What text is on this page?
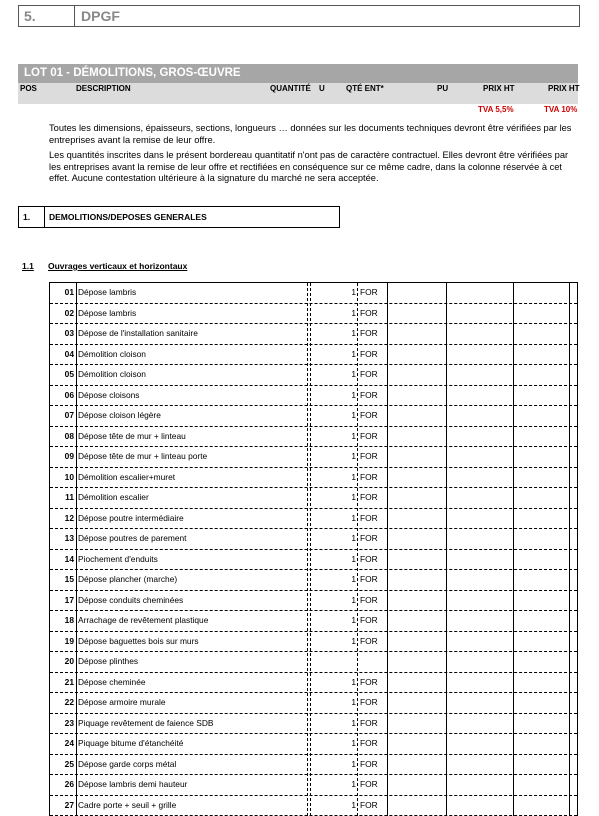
5.	DPGF
LOT 01 - DÉMOLITIONS, GROS-ŒUVRE
POS	DESCRIPTION	QUANTITÉ U	QTÉ ENT*	PU	PRIX HT	PRIX HT
TVA 5,5%	TVA 10%
Toutes les dimensions, épaisseurs, sections, longueurs … données sur les documents techniques devront être vérifiées par les entreprises avant la remise de leur offre.
Les quantités inscrites dans le présent bordereau quantitatif n'ont pas de caractère contractuel. Elles devront être vérifiées par les entreprises avant la remise de leur offre et rectifiées en conséquence sur ce même cadre, dans la colonne réservée à cet effet. Aucune contestation ultérieure à la signature du marché ne sera acceptée.
1.	DEMOLITIONS/DEPOSES GENERALES
1.1 Ouvrages verticaux et horizontaux
01 Dépose lambris	1 FOR
02 Dépose lambris	1 FOR
03 Dépose de l'installation sanitaire	1 FOR
04 Démolition cloison	1 FOR
05 Démolition cloison	1 FOR
06 Dépose cloisons	1 FOR
07 Dépose cloison légère	1 FOR
08 Dépose tête de mur + linteau	1 FOR
09 Dépose tête de mur + linteau porte	1 FOR
10 Démolition escalier+muret	1 FOR
11 Démolition escalier	1 FOR
12 Dépose poutre intermédiaire	1 FOR
13 Dépose poutres de parement	1 FOR
14 Piochement d'enduits	1 FOR
15 Dépose plancher (marche)	1 FOR
17 Dépose conduits cheminées	1 FOR
18 Arrachage de revêtement plastique	1 FOR
19 Dépose baguettes bois sur murs	1 FOR
20 Dépose plinthes
21 Dépose cheminée	1 FOR
22 Dépose armoire murale	1 FOR
23 Piquage revêtement de faience SDB	1 FOR
24 Piquage bitume d'étanchéité	1 FOR
25 Dépose garde corps métal	1 FOR
26 Dépose lambris demi hauteur	1 FOR
27 Cadre porte + seuil + grille	1 FOR
